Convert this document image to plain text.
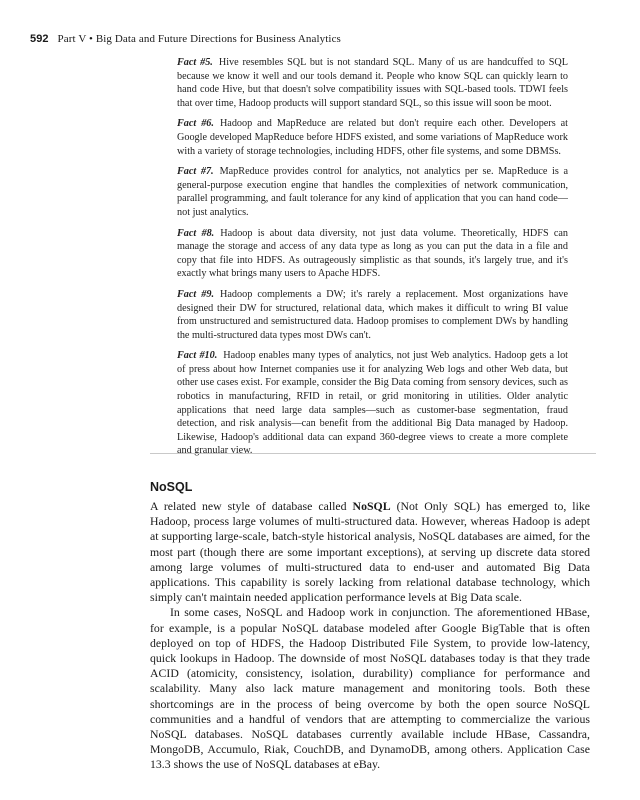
592 Part V • Big Data and Future Directions for Business Analytics

Fact #5. Hive resembles SQL but is not standard SQL. Many of us are handcuffed to SQL because we know it well and our tools demand it. People who know SQL can quickly learn to hand code Hive, but that doesn't solve compatibility issues with SQL-based tools. TDWI feels that over time, Hadoop products will support standard SQL, so this issue will soon be moot.

Fact #6. Hadoop and MapReduce are related but don't require each other. Developers at Google developed MapReduce before HDFS existed, and some variations of MapReduce work with a variety of storage technologies, including HDFS, other file systems, and some DBMSs.

Fact #7. MapReduce provides control for analytics, not analytics per se. MapReduce is a general-purpose execution engine that handles the complexities of network communication, parallel programming, and fault tolerance for any kind of application that you can hand code—not just analytics.

Fact #8. Hadoop is about data diversity, not just data volume. Theoretically, HDFS can manage the storage and access of any data type as long as you can put the data in a file and copy that file into HDFS. As outrageously simplistic as that sounds, it's largely true, and it's exactly what brings many users to Apache HDFS.

Fact #9. Hadoop complements a DW; it's rarely a replacement. Most organizations have designed their DW for structured, relational data, which makes it difficult to wring BI value from unstructured and semistructured data. Hadoop promises to complement DWs by handling the multi-structured data types most DWs can't.

Fact #10. Hadoop enables many types of analytics, not just Web analytics. Hadoop gets a lot of press about how Internet companies use it for analyzing Web logs and other Web data, but other use cases exist. For example, consider the Big Data coming from sensory devices, such as robotics in manufacturing, RFID in retail, or grid monitoring in utilities. Older analytic applications that need large data samples—such as customer-base segmentation, fraud detection, and risk analysis—can benefit from the additional Big Data managed by Hadoop. Likewise, Hadoop's additional data can expand 360-degree views to create a more complete and granular view.

NoSQL

A related new style of database called NoSQL (Not Only SQL) has emerged to, like Hadoop, process large volumes of multi-structured data. However, whereas Hadoop is adept at supporting large-scale, batch-style historical analysis, NoSQL databases are aimed, for the most part (though there are some important exceptions), at serving up discrete data stored among large volumes of multi-structured data to end-user and automated Big Data applications. This capability is sorely lacking from relational database technology, which simply can't maintain needed application performance levels at Big Data scale.

In some cases, NoSQL and Hadoop work in conjunction. The aforementioned HBase, for example, is a popular NoSQL database modeled after Google BigTable that is often deployed on top of HDFS, the Hadoop Distributed File System, to provide low-latency, quick lookups in Hadoop. The downside of most NoSQL databases today is that they trade ACID (atomicity, consistency, isolation, durability) compliance for performance and scalability. Many also lack mature management and monitoring tools. Both these shortcomings are in the process of being overcome by both the open source NoSQL communities and a handful of vendors that are attempting to commercialize the various NoSQL databases. NoSQL databases currently available include HBase, Cassandra, MongoDB, Accumulo, Riak, CouchDB, and DynamoDB, among others. Application Case 13.3 shows the use of NoSQL databases at eBay.
